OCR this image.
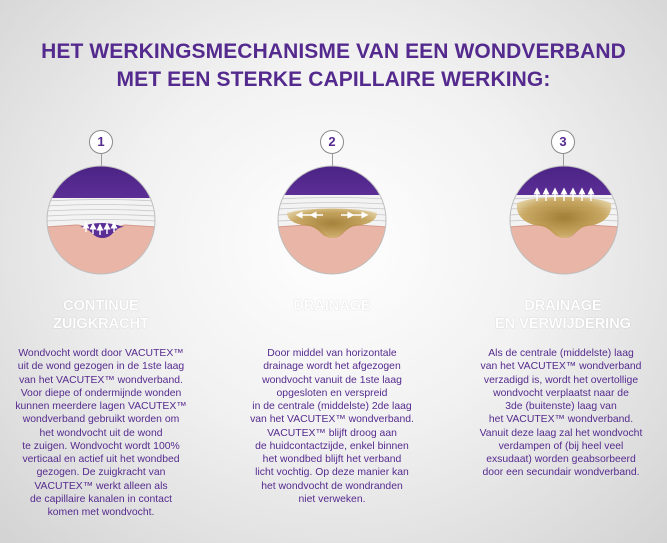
HET WERKINGSMECHANISME VAN EEN WONDVERBAND
MET EEN STERKE CAPILLAIRE WERKING:
1
CONTINUE
ZUIGKRACHT
Wondvocht wordt door VACUTEX™
uit de wond gezogen in de 1ste laag
van het VACUTEX™ wondverband.
Voor diepe of ondermijnde wonden
kunnen meerdere lagen VACUTEX™
wondverband gebruikt worden om
het wondvocht uit de wond
te zuigen. Wondvocht wordt 100%
verticaal en actief uit het wondbed
gezogen. De zuigkracht van
VACUTEX™ werkt alleen als
de capillaire kanalen in contact
komen met wondvocht.
2
DRAINAGE
Door middel van horizontale
drainage wordt het afgezogen
wondvocht vanuit de 1ste laag
opgesloten en verspreid
in de centrale (middelste) 2de laag
van het VACUTEX™ wondverband.
VACUTEX™ blijft droog aan
de huidcontactzijde, enkel binnen
het wondbed blijft het verband
licht vochtig. Op deze manier kan
het wondvocht de wondranden
niet verweken.
3
DRAINAGE
EN VERWIJDERING
Als de centrale (middelste) laag
van het VACUTEX™ wondverband
verzadigd is, wordt het overtollige
wondvocht verplaatst naar de
3de (buitenste) laag van
het VACUTEX™ wondverband.
Vanuit deze laag zal het wondvocht
verdampen of (bij heel veel
exsudaat) worden geabsorbeerd
door een secundair wondverband.
